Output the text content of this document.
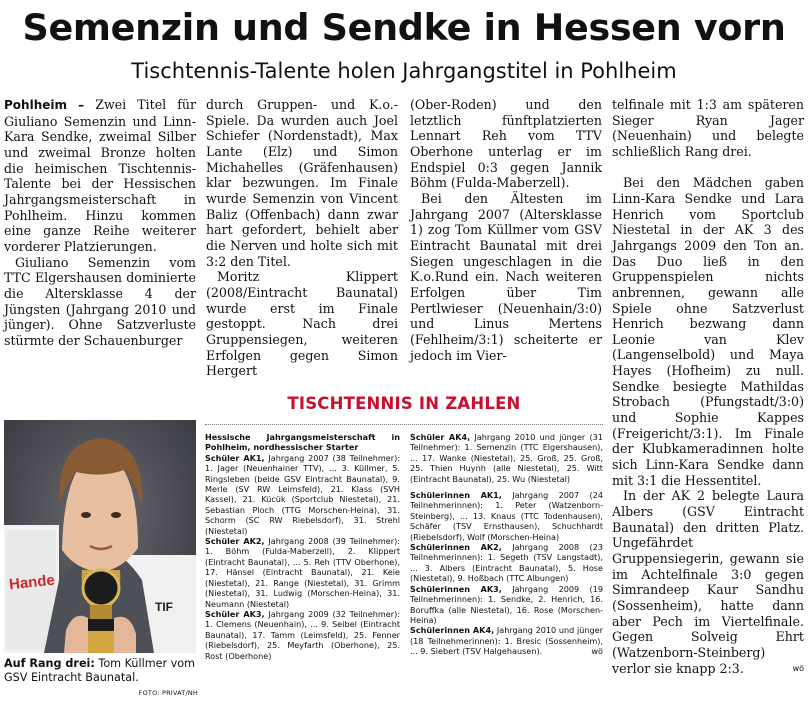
Semenzin und Sendke in Hessen vorn
Tischtennis-Talente holen Jahrgangstitel in Pohlheim

Pohlheim – Zwei Titel für Giuliano Semenzin und Linn-Kara Sendke, zweimal Silber und zweimal Bronze holten die heimischen Tischtennis-Talente bei der Hessischen Jahrgangsmeisterschaft in Pohlheim. Hinzu kommen eine ganze Reihe weiterer vorderer Platzierungen.

Giuliano Semenzin vom TTC Elgershausen dominierte die Altersklasse 4 der Jüngsten (Jahrgang 2010 und jünger). Ohne Satzverluste stürmte der Schauenburger

durch Gruppen- und K.o.-Spiele. Da wurden auch Joel Schiefer (Nordenstadt), Max Lante (Elz) und Simon Michahelles (Gräfenhausen) klar bezwungen. Im Finale wurde Semenzin von Vincent Baliz (Offenbach) dann zwar hart gefordert, behielt aber die Nerven und holte sich mit 3:2 den Titel.

Moritz Klippert (2008/Eintracht Baunatal) wurde erst im Finale gestoppt. Nach drei Gruppensiegen, weiteren Erfolgen gegen Simon Hergert

(Ober-Roden) und den letztlich fünftplatzierten Lennart Reh vom TTV Oberhone unterlag er im Endspiel 0:3 gegen Jannik Böhm (Fulda-Maberzell).

Bei den Ältesten im Jahrgang 2007 (Altersklasse 1) zog Tom Küllmer vom GSV Eintracht Baunatal mit drei Siegen ungeschlagen in die K.o.Rund ein. Nach weiteren Erfolgen über Tim Pertlwieser (Neuenhain/3:0) und Linus Mertens (Fehlheim/3:1) scheiterte er jedoch im Vier-

telfinale mit 1:3 am späteren Sieger Ryan Jager (Neuenhain) und belegte schließlich Rang drei.

Bei den Mädchen gaben Linn-Kara Sendke und Lara Henrich vom Sportclub Niestetal in der AK 3 des Jahrgangs 2009 den Ton an. Das Duo ließ in den Gruppenspielen nichts anbrennen, gewann alle Spiele ohne Satzverlust Henrich bezwang dann Leonie van Klev (Langenselbold) und Maya Hayes (Hofheim) zu null. Sendke besiegte Mathildas Strobach (Pfungstadt/3:0) und Sophie Kappes (Freigericht/3:1). Im Finale der Klubkameradinnen holte sich Linn-Kara Sendke dann mit 3:1 die Hessentitel.

In der AK 2 belegte Laura Albers (GSV Eintracht Baunatal) den dritten Platz. Ungefährdet Gruppensiegerin, gewann sie im Achtelfinale 3:0 gegen Simrandeep Kaur Sandhu (Sossenheim), hatte dann aber Pech im Viertelfinale. Gegen Solveig Ehrt (Watzenborn-Steinberg) verlor sie knapp 2:3.	wö

Hande
TIF
Auf Rang drei: Tom Küllmer vom GSV Eintracht Baunatal.
FOTO: PRIVAT/NH
TISCHTENNIS IN ZAHLEN

Hessische Jahrgangsmeisterschaft in Pohlheim, nordhessischer Starter

Schüler AK1, Jahrgang 2007 (38 Teilnehmer): 1. Jager (Neuenhainer TTV), ... 3. Küllmer, 5. Ringsleben (beide GSV Eintracht Baunatal), 9. Merle (SV RW Leimsfeld), 21. Klass (SVH Kassel), 21. Kücük (Sportclub Niestetal), 21. Sebastian Ploch (TTG Morschen-Heina), 31. Schorm (SC RW Riebelsdorf), 31. Strehl (Niestetal)

Schüler AK2, Jahrgang 2008 (39 Teilnehmer): 1. Böhm (Fulda-Maberzell), 2. Klippert (Eintracht Baunatal), ... 5. Reh (TTV Oberhone), 17. Hänsel (Eintracht Baunatal), 21. Keie (Niestetal), 21. Range (Niestetal), 31. Grimm (Niestetal), 31. Ludwig (Morschen-Heina), 31. Neumann (Niestetal)

Schüler AK3, Jahrgang 2009 (32 Teilnehmer): 1. Clemens (Neuenhain), ... 9. Seibel (Eintracht Baunatal), 17. Tamm (Leimsfeld), 25. Fenner (Riebelsdorf), 25. Meyfarth (Oberhone), 25. Rost (Oberhone)

Schüler AK4, Jahrgang 2010 und jünger (31 Teilnehmer): 1. Semenzin (TTC Elgershausen), ... 17. Wanke (Niestetal), 25. Groß, 25. Groß, 25. Thien Huynh (alle Niestetal), 25. Witt (Eintracht Baunatal), 25. Wu (Niestetal)

Schülerinnen AK1, Jahrgang 2007 (24 Teilnehmerinnen): 1. Peter (Watzenborn-Steinberg), ... 13. Knaus (TTC Todenhausen), Schäfer (TSV Ernsthausen), Schuchhardt (Riebelsdorf), Wolf (Morschen-Heina)

Schülerinnen AK2, Jahrgang 2008 (23 Teilnehmerinnen): 1. Segeth (TSV Langstadt), ... 3. Albers (Eintracht Baunatal), 5. Hose (Niestetal), 9. Hoßbach (TTC Albungen)

Schülerinnen AK3, Jahrgang 2009 (19 Teilnehmerinnen): 1. Sendke, 2. Henrich, 16. Boruffka (alle Niestetal), 16. Rose (Morschen-Heina)

Schülerinnen AK4, Jahrgang 2010 und jünger (18 Teilnehmerinnen): 1. Bresic (Sossenheim), ... 9. Siebert (TSV Halgehausen).	wö
